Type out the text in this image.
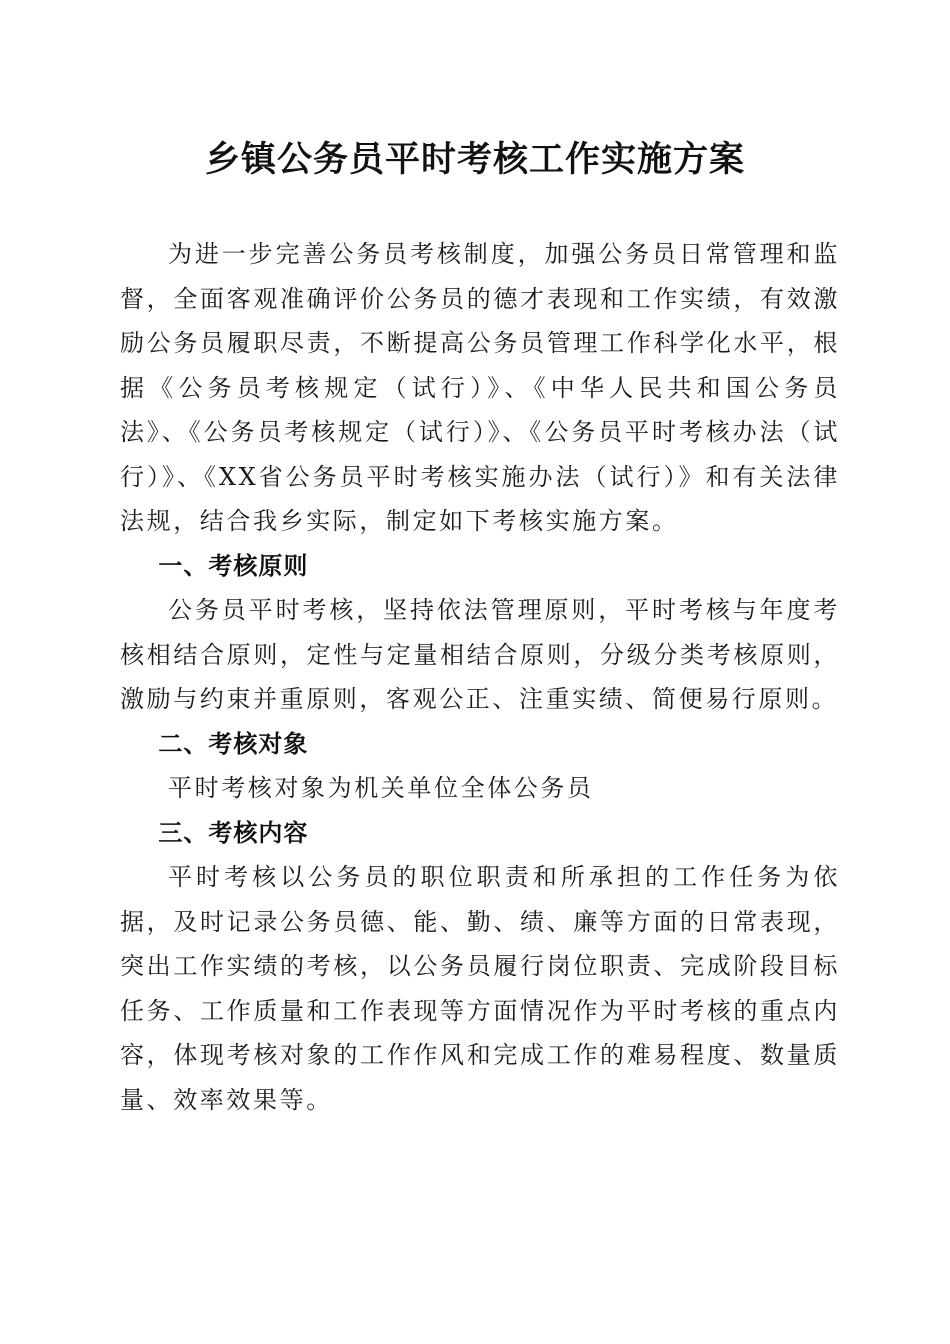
乡镇公务员平时考核工作实施方案

为进一步完善公务员考核制度，加强公务员日常管理和监督，全面客观准确评价公务员的德才表现和工作实绩，有效激励公务员履职尽责，不断提高公务员管理工作科学化水平，根据《公务员考核规定（试行）》、《中华人民共和国公务员法》、《公务员考核规定（试行）》、《公务员平时考核办法（试行）》、《XX省公务员平时考核实施办法（试行）》和有关法律法规，结合我乡实际，制定如下考核实施方案。

一、考核原则

公务员平时考核，坚持依法管理原则，平时考核与年度考核相结合原则，定性与定量相结合原则，分级分类考核原则，激励与约束并重原则，客观公正、注重实绩、简便易行原则。

二、考核对象

平时考核对象为机关单位全体公务员

三、考核内容

平时考核以公务员的职位职责和所承担的工作任务为依据，及时记录公务员德、能、勤、绩、廉等方面的日常表现，突出工作实绩的考核，以公务员履行岗位职责、完成阶段目标任务、工作质量和工作表现等方面情况作为平时考核的重点内容，体现考核对象的工作作风和完成工作的难易程度、数量质量、效率效果等。
